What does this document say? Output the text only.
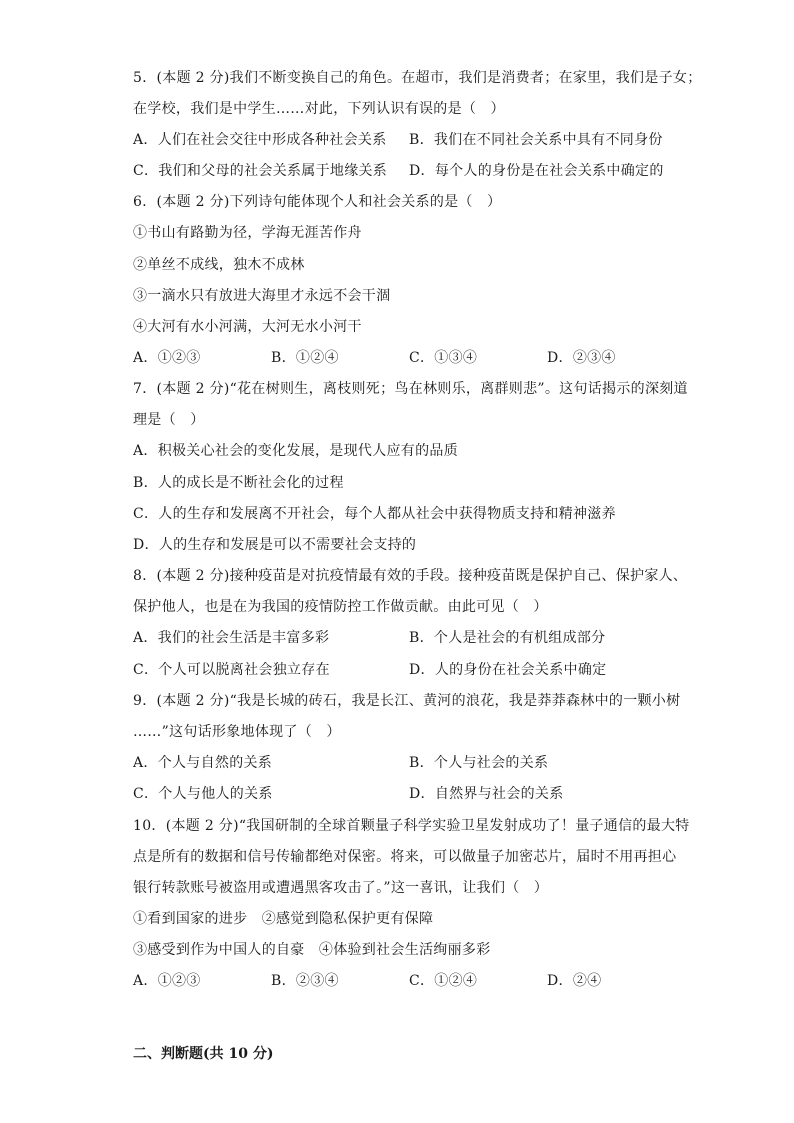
5．(本题 2 分)我们不断变换自己的角色。在超市，我们是消费者；在家里，我们是子女；
在学校，我们是中学生……对此，下列认识有误的是（　）
A．人们在社会交往中形成各种社会关系 B．我们在不同社会关系中具有不同身份
C．我们和父母的社会关系属于地缘关系 D．每个人的身份是在社会关系中确定的
6．(本题 2 分)下列诗句能体现个人和社会关系的是（　）
①书山有路勤为径，学海无涯苦作舟
②单丝不成线，独木不成林
③一滴水只有放进大海里才永远不会干涸
④大河有水小河满，大河无水小河干
A．①②③	B．①②④	C．①③④	D．②③④
7．(本题 2 分)“花在树则生，离枝则死；鸟在林则乐，离群则悲”。这句话揭示的深刻道
理是（　）
A．积极关心社会的变化发展，是现代人应有的品质
B．人的成长是不断社会化的过程
C．人的生存和发展离不开社会，每个人都从社会中获得物质支持和精神滋养
D．人的生存和发展是可以不需要社会支持的
8．(本题 2 分)接种疫苗是对抗疫情最有效的手段。接种疫苗既是保护自己、保护家人、
保护他人，也是在为我国的疫情防控工作做贡献。由此可见（　）
A．我们的社会生活是丰富多彩	B．个人是社会的有机组成部分
C．个人可以脱离社会独立存在	D．人的身份在社会关系中确定
9．(本题 2 分)“我是长城的砖石，我是长江、黄河的浪花，我是莽莽森林中的一颗小树
……”这句话形象地体现了（　）
A．个人与自然的关系	B．个人与社会的关系
C．个人与他人的关系	D．自然界与社会的关系
10．(本题 2 分)“我国研制的全球首颗量子科学实验卫星发射成功了！量子通信的最大特
点是所有的数据和信号传输都绝对保密。将来，可以做量子加密芯片，届时不用再担心
银行转款账号被盗用或遭遇黑客攻击了。”这一喜讯，让我们（　）
①看到国家的进步　②感觉到隐私保护更有保障
③感受到作为中国人的自豪　④体验到社会生活绚丽多彩
A．①②③	B．②③④	C．①②④	D．②④
二、判断题(共 10 分)
